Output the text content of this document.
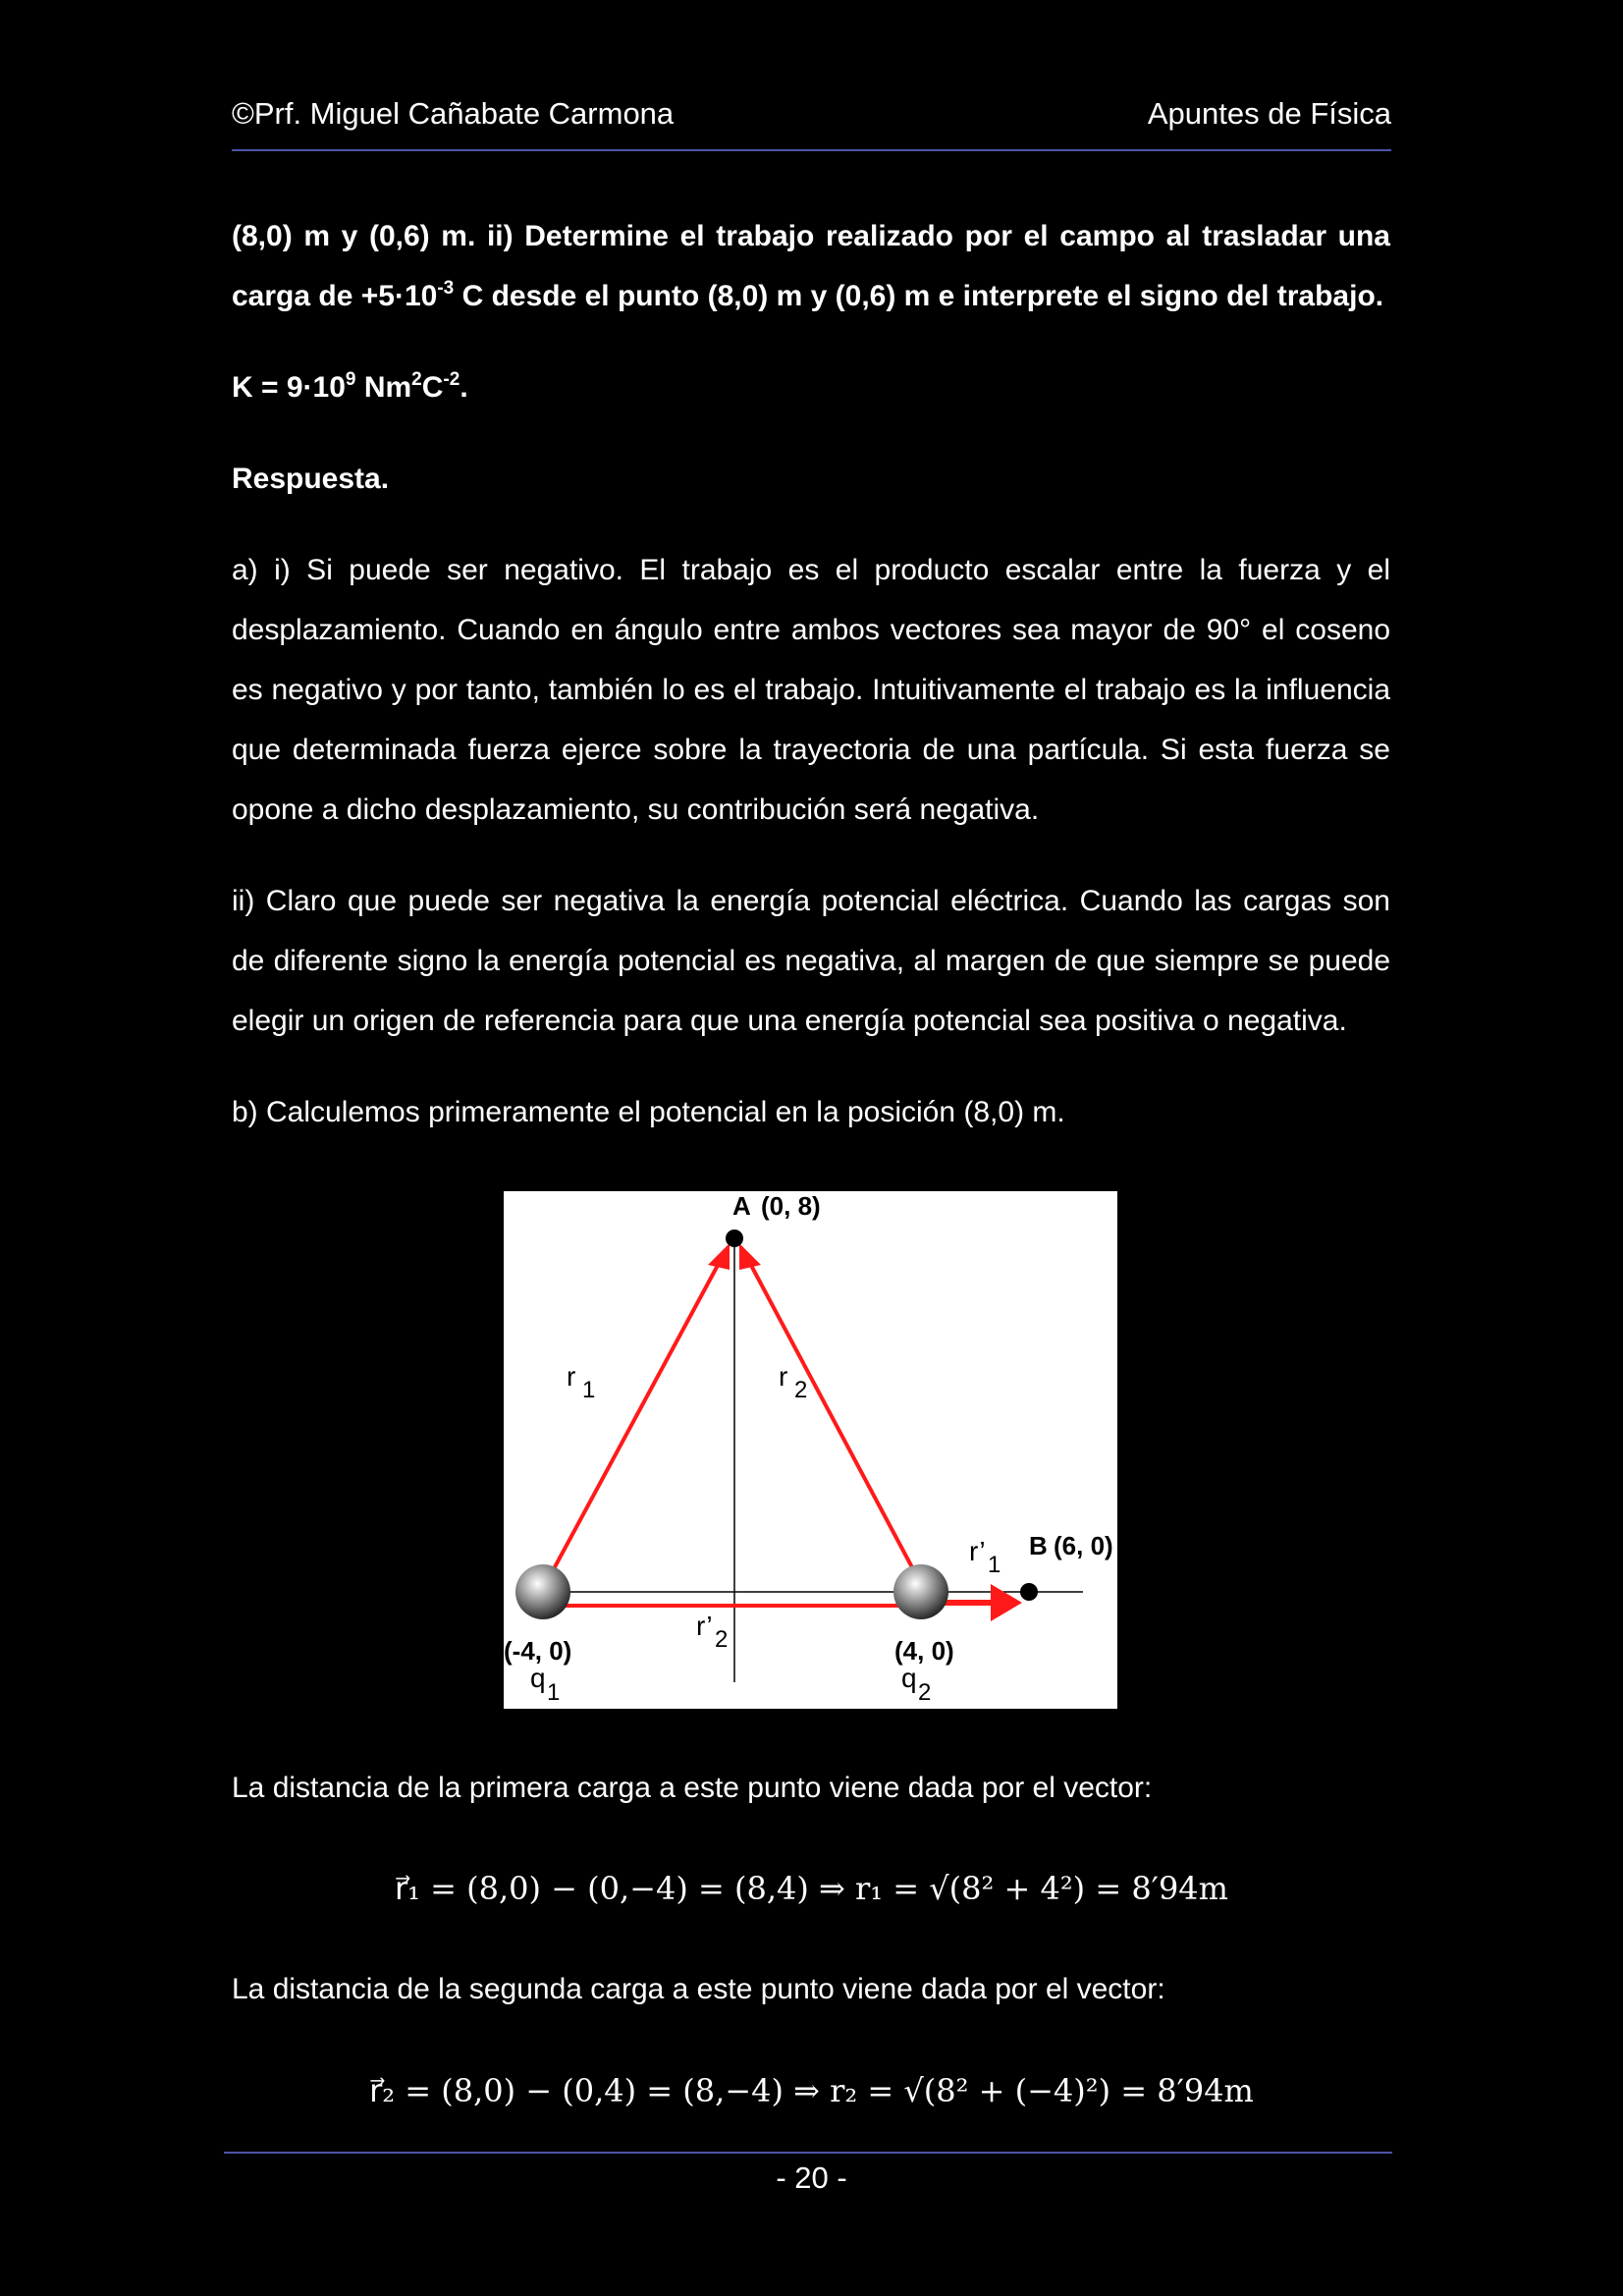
©Prf. Miguel Cañabate Carmona	Apuntes de Física

(8,0) m y (0,6) m. ii) Determine el trabajo realizado por el campo al trasladar una carga de $+5\cdot 10^{-3}$ C desde el punto (8,0) m y (0,6) m e interprete el signo del trabajo.

$K = 9\cdot 10^9$ $Nm^2C^{-2}$.

Respuesta.

a) i) Si puede ser negativo. El trabajo es el producto escalar entre la fuerza y el desplazamiento. Cuando en ángulo entre ambos vectores sea mayor de 90° el coseno es negativo y por tanto, también lo es el trabajo. Intuitivamente el trabajo es la influencia que determinada fuerza ejerce sobre la trayectoria de una partícula. Si esta fuerza se opone a dicho desplazamiento, su contribución será negativa.

ii) Claro que puede ser negativa la energía potencial eléctrica. Cuando las cargas son de diferente signo la energía potencial es negativa, al margen de que siempre se puede elegir un origen de referencia para que una energía potencial sea positiva o negativa.

b) Calculemos primeramente el potencial en la posición (8,0) m.

A (0, 8)
B (6, 0)
(-4, 0)	(4, 0)
q 1	q 2
r 1	r 2
r’ 1
r’ 2

La distancia de la primera carga a este punto viene dada por el vector:

r⃗₁ = (8,0) − (0,−4) = (8,4) ⇒ r₁ = √(8² + 4²) = 8′94m

La distancia de la segunda carga a este punto viene dada por el vector:

r⃗₂ = (8,0) − (0,4) = (8,−4) ⇒ r₂ = √(8² + (−4)²) = 8′94m
- 20 -
